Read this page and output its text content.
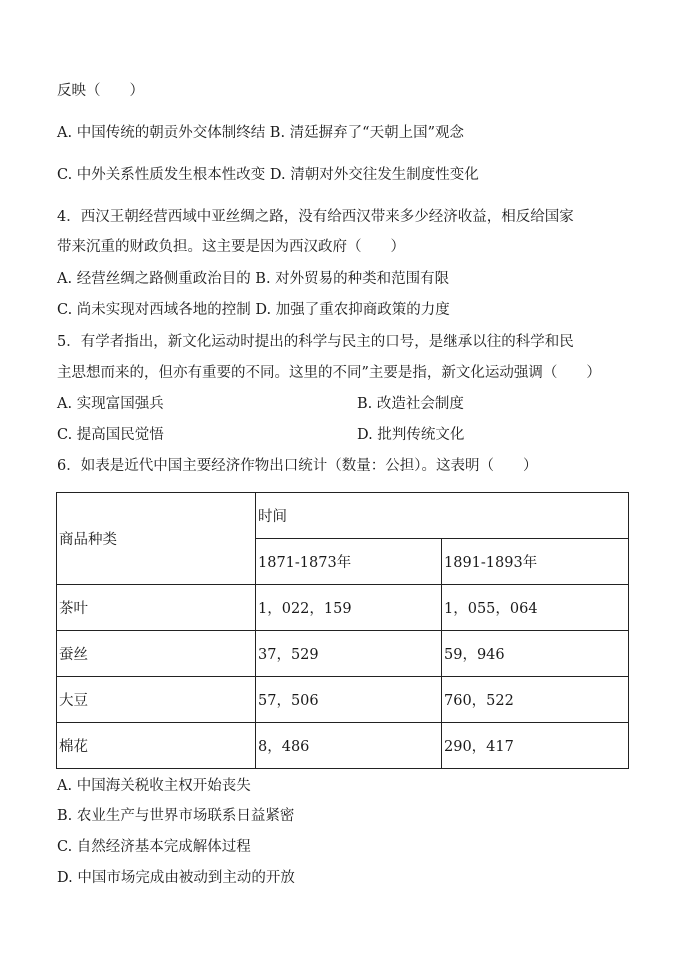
反映（　　）
A. 中国传统的朝贡外交体制终结 B. 清廷摒弃了“天朝上国”观念
C. 中外关系性质发生根本性改变 D. 清朝对外交往发生制度性变化
4．西汉王朝经营西域中亚丝绸之路，没有给西汉带来多少经济收益，相反给国家
带来沉重的财政负担。这主要是因为西汉政府（　　）
A. 经营丝绸之路侧重政治目的 B. 对外贸易的种类和范围有限
C. 尚未实现对西域各地的控制 D. 加强了重农抑商政策的力度
5．有学者指出，新文化运动时提出的科学与民主的口号，是继承以往的科学和民
主思想而来的，但亦有重要的不同。这里的不同”主要是指，新文化运动强调（　　）
A. 实现富国强兵	B. 改造社会制度
C. 提高国民觉悟	D. 批判传统文化
6．如表是近代中国主要经济作物出口统计（数量：公担）。这表明（　　）
商品种类	时间	
	1871-1873年	1891-1893年
茶叶	1，022，159	1，055，064
蚕丝	37，529	59，946
大豆	57，506	760，522
棉花	8，486	290，417
A. 中国海关税收主权开始丧失
B. 农业生产与世界市场联系日益紧密
C. 自然经济基本完成解体过程
D. 中国市场完成由被动到主动的开放
